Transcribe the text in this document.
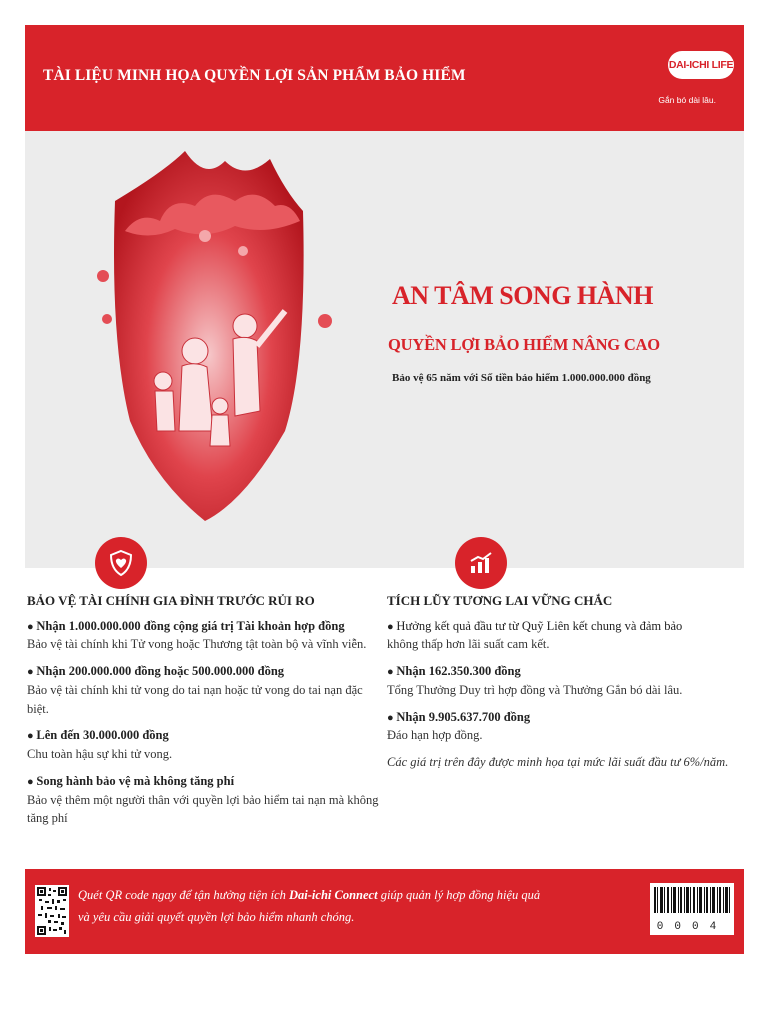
TÀI LIỆU MINH HỌA QUYỀN LỢI SẢN PHẨM BẢO HIỂM
DAI-ICHI LIFE
Gắn bó dài lâu.
AN TÂM SONG HÀNH
QUYỀN LỢI BẢO HIỂM NÂNG CAO
Bảo vệ 65 năm với Số tiền bảo hiểm 1.000.000.000 đồng
BẢO VỆ TÀI CHÍNH GIA ĐÌNH TRƯỚC RỦI RO
● Nhận 1.000.000.000 đồng cộng giá trị Tài khoản hợp đồng
Bảo vệ tài chính khi Tử vong hoặc Thương tật toàn bộ và vĩnh viễn.
● Nhận 200.000.000 đồng hoặc 500.000.000 đồng
Bảo vệ tài chính khi tử vong do tai nạn hoặc tử vong do tai nạn đặc biệt.
● Lên đến 30.000.000 đồng
Chu toàn hậu sự khi tử vong.
● Song hành bảo vệ mà không tăng phí
Bảo vệ thêm một người thân với quyền lợi bảo hiểm tai nạn mà không tăng phí
TÍCH LŨY TƯƠNG LAI VỮNG CHẮC
● Hưởng kết quả đầu tư từ Quỹ Liên kết chung và đảm bảo
không thấp hơn lãi suất cam kết.
● Nhận 162.350.300 đồng
Tổng Thưởng Duy trì hợp đồng và Thưởng Gắn bó dài lâu.
● Nhận 9.905.637.700 đồng
Đáo hạn hợp đồng.
Các giá trị trên đây được minh họa tại mức lãi suất đầu tư 6%/năm.
Quét QR code ngay để tận hưởng tiện ích Dai-ichi Connect giúp quản lý hợp đồng hiệu quả
và yêu cầu giải quyết quyền lợi bảo hiểm nhanh chóng.
0004
